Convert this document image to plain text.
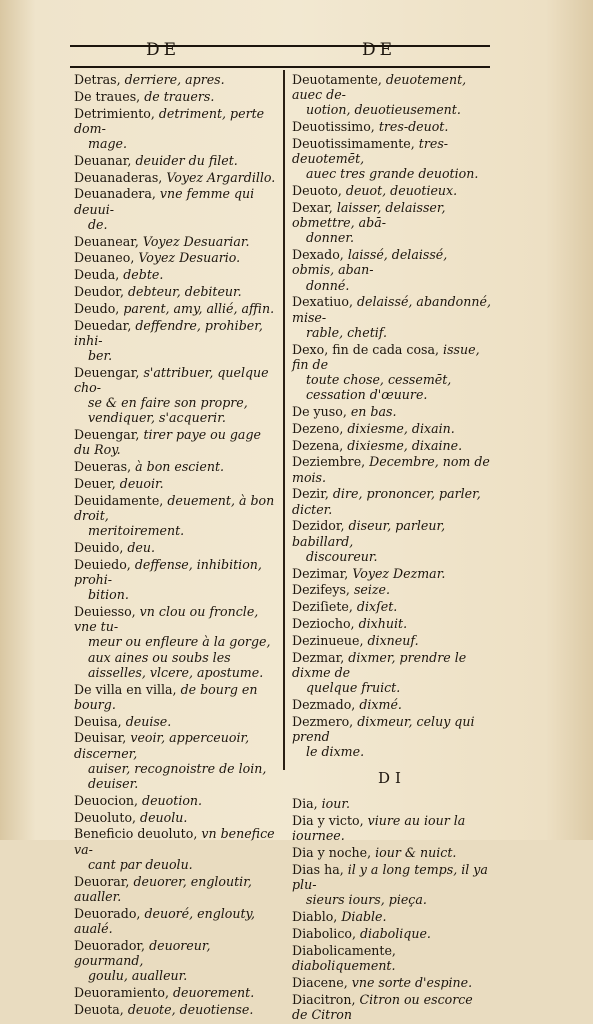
DE	DE
Detras, derriere, apres.
De traues, de trauers.
Detrimiento, detriment, perte dom-
mage.
Deuanar, deuider du filet.
Deuanaderas, Voyez Argardillo.
Deuanadera, vne femme qui deuui-
de.
Deuanear, Voyez Desuariar.
Deuaneo, Voyez Desuario.
Deuda, debte.
Deudor, debteur, debiteur.
Deudo, parent, amy, allié, affin.
Deuedar, deffendre, prohiber, inhi-
ber.
Deuengar, s'attribuer, quelque cho-
se & en faire son propre, vendiquer, s'acquerir.
Deuengar, tirer paye ou gage du Roy.
Deueras, à bon escient.
Deuer, deuoir.
Deuidamente, deuement, à bon droit,
meritoirement.
Deuido, deu.
Deuiedo, deffense, inhibition, prohi-
bition.
Deuiesso, vn clou ou froncle, vne tu-
meur ou enfleure à la gorge, aux aines ou soubs les aisselles, vlcere, apostume.
De villa en villa, de bourg en bourg.
Deuisa, deuise.
Deuisar, veoir, apperceuoir, discerner,
auiser, recognoistre de loin, deuiser.
Deuocion, deuotion.
Deuoluto, deuolu.
Beneficio deuoluto, vn benefice va-
cant par deuolu.
Deuorar, deuorer, engloutir, aualler.
Deuorado, deuoré, englouty, aualé.
Deuorador, deuoreur, gourmand,
goulu, aualleur.
Deuoramiento, deuorement.
Deuota, deuote, deuotiense.
Deuotamente, deuotement, auec de-
uotion, deuotieusement.
Deuotissimo, tres-deuot.
Deuotissimamente, tres-deuotemēt,
auec tres grande deuotion.
Deuoto, deuot, deuotieux.
Dexar, laisser, delaisser, obmettre, abā-
donner.
Dexado, laissé, delaissé, obmis, aban-
donné.
Dexatiuo, delaissé, abandonné, mise-
rable, chetif.
Dexo, fin de cada cosa, issue, fin de
toute chose, cessemēt, cessation d'œuure.
De yuso, en bas.
Dezeno, dixiesme, dixain.
Dezena, dixiesme, dixaine.
Deziembre, Decembre, nom de mois.
Dezir, dire, prononcer, parler, dicter.
Dezidor, diseur, parleur, babillard,
discoureur.
Dezimar, Voyez Dezmar.
Dezifeys, seize.
Deziſiete, dixſet.
Deziocho, dixhuit.
Dezinueue, dixneuf.
Dezmar, dixmer, prendre le dixme de
quelque fruict.
Dezmado, dixmé.
Dezmero, dixmeur, celuy qui prend
le dixme.
DI
Dia, iour.
Dia y victo, viure au iour la iournee.
Dia y noche, iour & nuict.
Dias ha, il y a long temps, il ya plu-
sieurs iours, pieça.
Diablo, Diable.
Diabolico, diabolique.
Diabolicamente, diaboliquement.
Diacene, vne sorte d'espine.
Diacitron, Citron ou escorce de Citron
